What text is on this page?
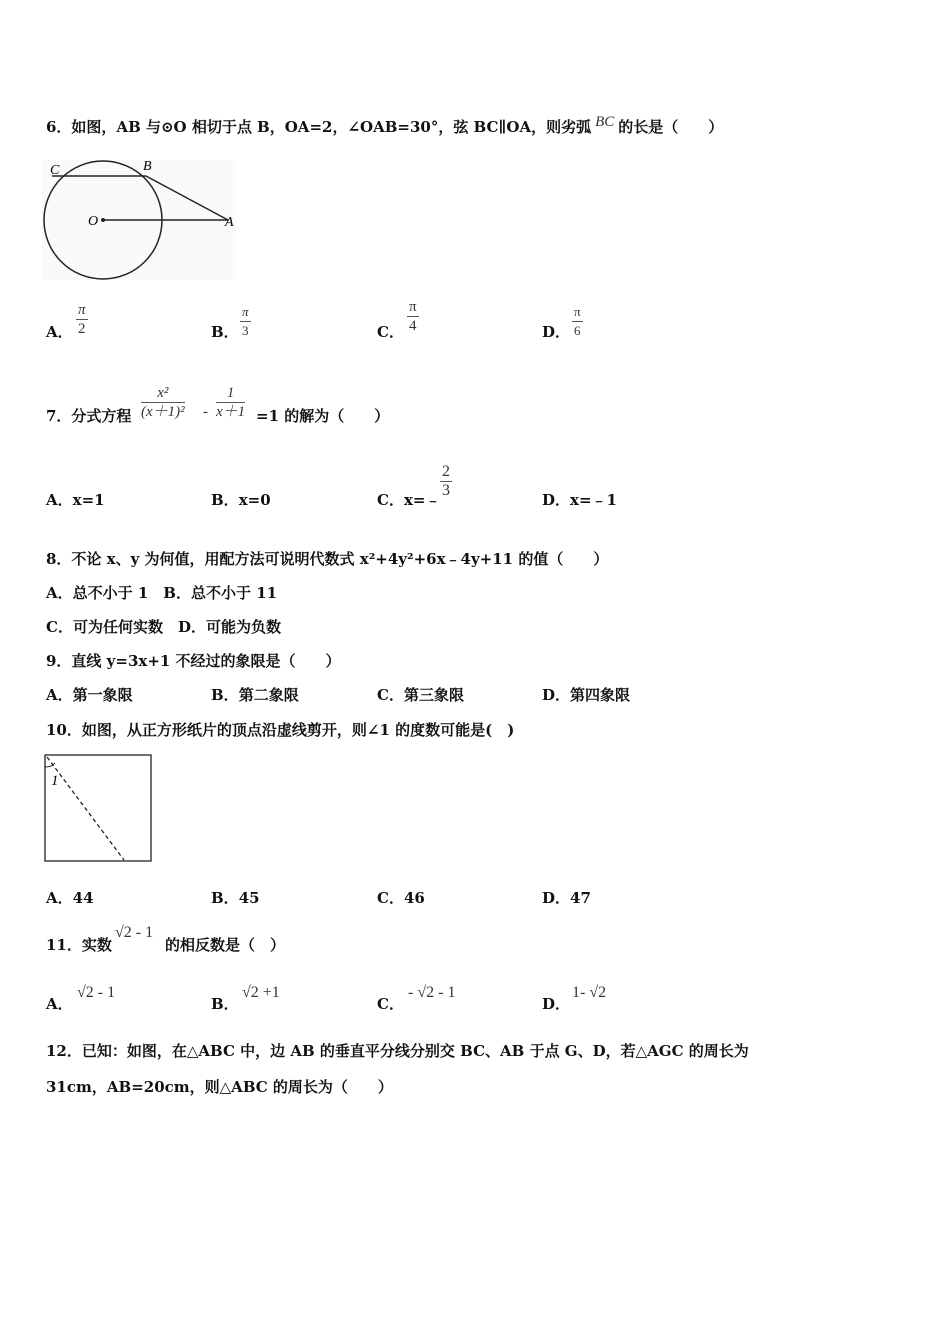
6．如图，AB 与⊙O 相切于点 B，OA=2，∠OAB=30°，弦 BC∥OA，则劣弧 BC 的长是（　　）
C	B
O	A
A． $\frac{\pi}{2}$	B． $\frac{\pi}{3}$	C． $\frac{\pi}{4}$	D． $\frac{\pi}{6}$
7．分式方程 $\frac{\text{x²}}{\text{(x＋1)²}} - \frac{1}{x+1} =1$ 的解为（　　）
A．x=1	B．x=0	C．x=﹣ $\frac{2}{3}$	D．x=﹣1
8．不论 x、y 为何值，用配方法可说明代数式 x²+4y²+6x﹣4y+11 的值（　　）
A．总不小于 1　B．总不小于 11
C．可为任何实数　D．可能为负数
9．直线 y=3x+1 不经过的象限是（　　）
A．第一象限	B．第二象限	C．第三象限	D．第四象限
10．如图，从正方形纸片的顶点沿虚线剪开，则∠1 的度数可能是(　)
1
A．44	B．45	C．46	D．47
11．实数
√2 - 1
的相反数是（　）
A．
√2 - 1
B．
√2 +1
C．
- √2 - 1
D．
1- √2
12．已知：如图，在△ABC 中，边 AB 的垂直平分线分别交 BC、AB 于点 G、D，若△AGC 的周长为
31cm，AB=20cm，则△ABC 的周长为（　　）
